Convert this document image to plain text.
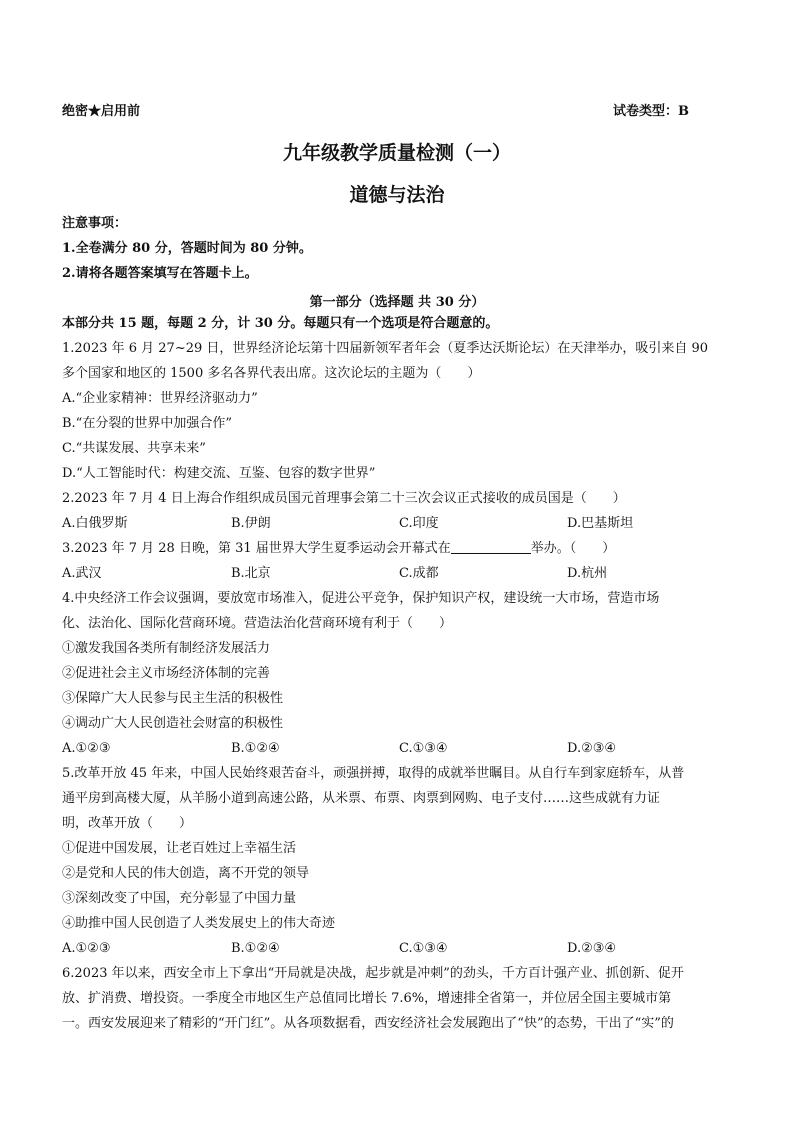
绝密★启用前	试卷类型：B
九年级教学质量检测（一）
道德与法治
注意事项：
1.全卷满分 80 分，答题时间为 80 分钟。
2.请将各题答案填写在答题卡上。
第一部分（选择题 共 30 分）
本部分共 15 题，每题 2 分，计 30 分。每题只有一个选项是符合题意的。
1.2023 年 6 月 27~29 日，世界经济论坛第十四届新领军者年会（夏季达沃斯论坛）在天津举办，吸引来自 90
多个国家和地区的 1500 多名各界代表出席。这次论坛的主题为（　　）
A.“企业家精神：世界经济驱动力”
B.“在分裂的世界中加强合作”
C.“共谋发展、共享未来”
D.“人工智能时代：构建交流、互鉴、包容的数字世界”
2.2023 年 7 月 4 日上海合作组织成员国元首理事会第二十三次会议正式接收的成员国是（　　）
A.白俄罗斯	B.伊朗	C.印度	D.巴基斯坦
3.2023 年 7 月 28 日晚，第 31 届世界大学生夏季运动会开幕式在	举办。（　　）
A.武汉	B.北京	C.成都	D.杭州
4.中央经济工作会议强调，要放宽市场准入，促进公平竞争，保护知识产权，建设统一大市场，营造市场
化、法治化、国际化营商环境。营造法治化营商环境有利于（　　）
①激发我国各类所有制经济发展活力
②促进社会主义市场经济体制的完善
③保障广大人民参与民主生活的积极性
④调动广大人民创造社会财富的积极性
A.①②③	B.①②④	C.①③④	D.②③④
5.改革开放 45 年来，中国人民始终艰苦奋斗，顽强拼搏，取得的成就举世瞩目。从自行车到家庭轿车，从普
通平房到高楼大厦，从羊肠小道到高速公路，从米票、布票、肉票到网购、电子支付……这些成就有力证
明，改革开放（　　）
①促进中国发展，让老百姓过上幸福生活
②是党和人民的伟大创造，离不开党的领导
③深刻改变了中国，充分彰显了中国力量
④助推中国人民创造了人类发展史上的伟大奇迹
A.①②③	B.①②④	C.①③④	D.②③④
6.2023 年以来，西安全市上下拿出“开局就是决战，起步就是冲刺”的劲头，千方百计强产业、抓创新、促开
放、扩消费、增投资。一季度全市地区生产总值同比增长 7.6%，增速排全省第一，并位居全国主要城市第
一。西安发展迎来了精彩的“开门红”。从各项数据看，西安经济社会发展跑出了“快”的态势，干出了“实”的
